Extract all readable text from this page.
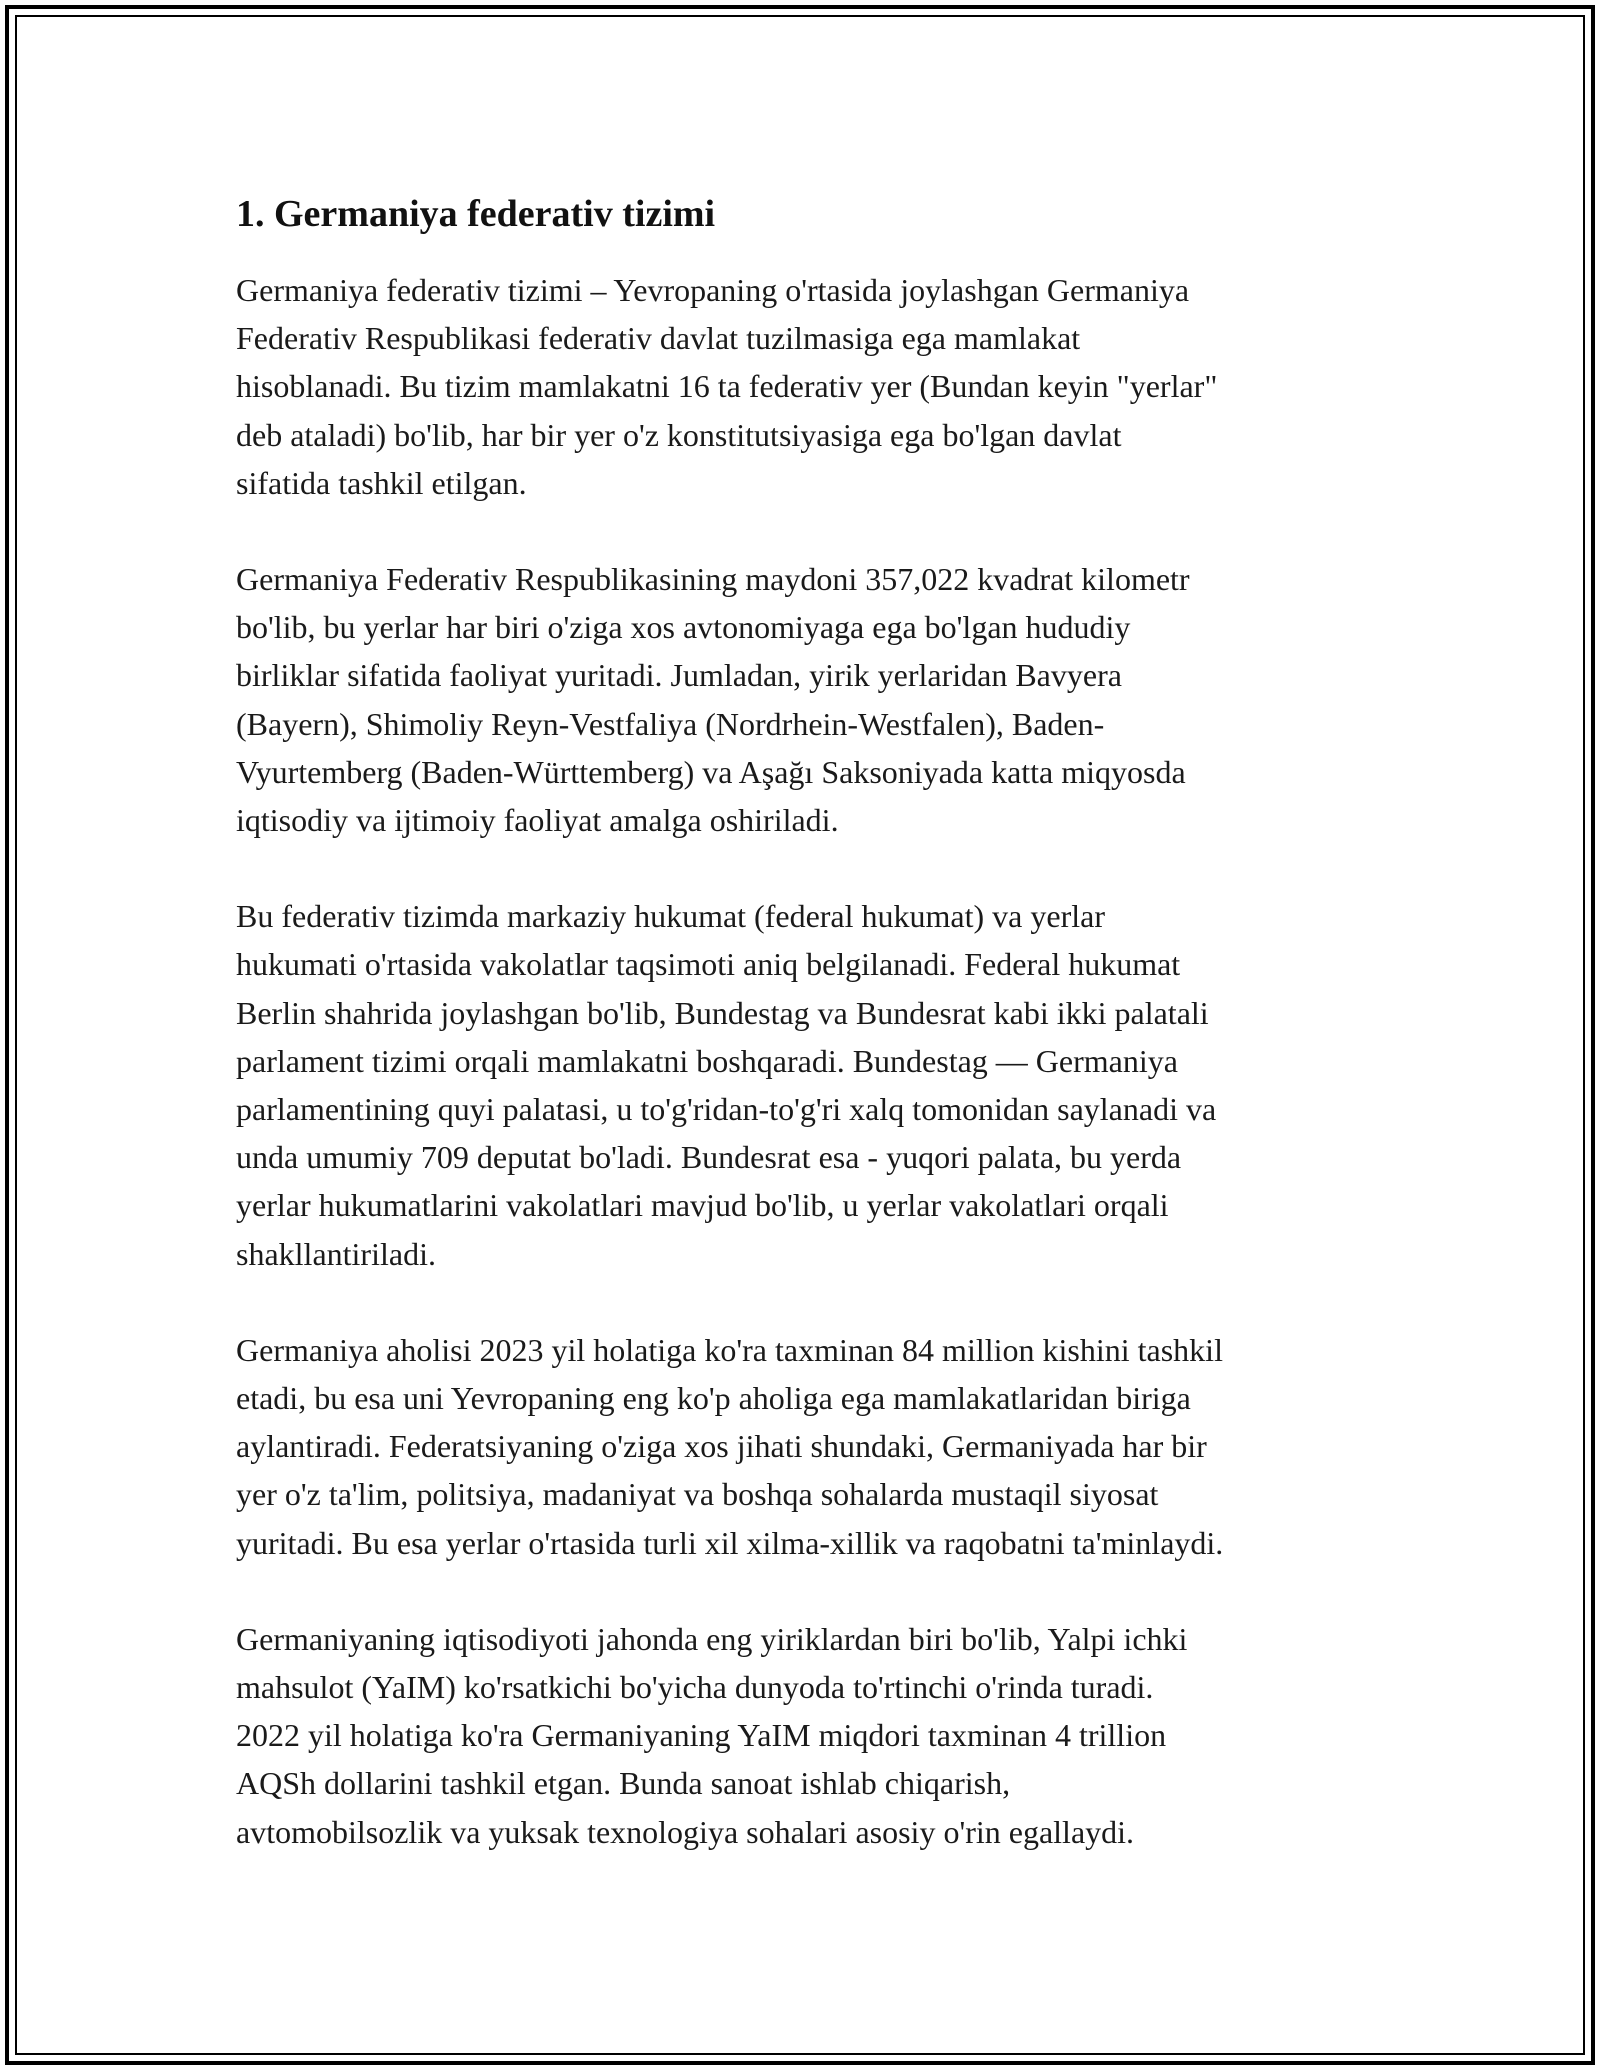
1. Germaniya federativ tizimi

Germaniya federativ tizimi – Yevropaning o'rtasida joylashgan Germaniya
Federativ Respublikasi federativ davlat tuzilmasiga ega mamlakat
hisoblanadi. Bu tizim mamlakatni 16 ta federativ yer (Bundan keyin "yerlar"
deb ataladi) bo'lib, har bir yer o'z konstitutsiyasiga ega bo'lgan davlat
sifatida tashkil etilgan.

Germaniya Federativ Respublikasining maydoni 357,022 kvadrat kilometr
bo'lib, bu yerlar har biri o'ziga xos avtonomiyaga ega bo'lgan hududiy
birliklar sifatida faoliyat yuritadi. Jumladan, yirik yerlaridan Bavyera
(Bayern), Shimoliy Reyn-Vestfaliya (Nordrhein-Westfalen), Baden-
Vyurtemberg (Baden-Württemberg) va Aşağı Saksoniyada katta miqyosda
iqtisodiy va ijtimoiy faoliyat amalga oshiriladi.

Bu federativ tizimda markaziy hukumat (federal hukumat) va yerlar
hukumati o'rtasida vakolatlar taqsimoti aniq belgilanadi. Federal hukumat
Berlin shahrida joylashgan bo'lib, Bundestag va Bundesrat kabi ikki palatali
parlament tizimi orqali mamlakatni boshqaradi. Bundestag — Germaniya
parlamentining quyi palatasi, u to'g'ridan-to'g'ri xalq tomonidan saylanadi va
unda umumiy 709 deputat bo'ladi. Bundesrat esa - yuqori palata, bu yerda
yerlar hukumatlarini vakolatlari mavjud bo'lib, u yerlar vakolatlari orqali
shakllantiriladi.

Germaniya aholisi 2023 yil holatiga ko'ra taxminan 84 million kishini tashkil
etadi, bu esa uni Yevropaning eng ko'p aholiga ega mamlakatlaridan biriga
aylantiradi. Federatsiyaning o'ziga xos jihati shundaki, Germaniyada har bir
yer o'z ta'lim, politsiya, madaniyat va boshqa sohalarda mustaqil siyosat
yuritadi. Bu esa yerlar o'rtasida turli xil xilma-xillik va raqobatni ta'minlaydi.

Germaniyaning iqtisodiyoti jahonda eng yiriklardan biri bo'lib, Yalpi ichki
mahsulot (YaIM) ko'rsatkichi bo'yicha dunyoda to'rtinchi o'rinda turadi.
2022 yil holatiga ko'ra Germaniyaning YaIM miqdori taxminan 4 trillion
AQSh dollarini tashkil etgan. Bunda sanoat ishlab chiqarish,
avtomobilsozlik va yuksak texnologiya sohalari asosiy o'rin egallaydi.
